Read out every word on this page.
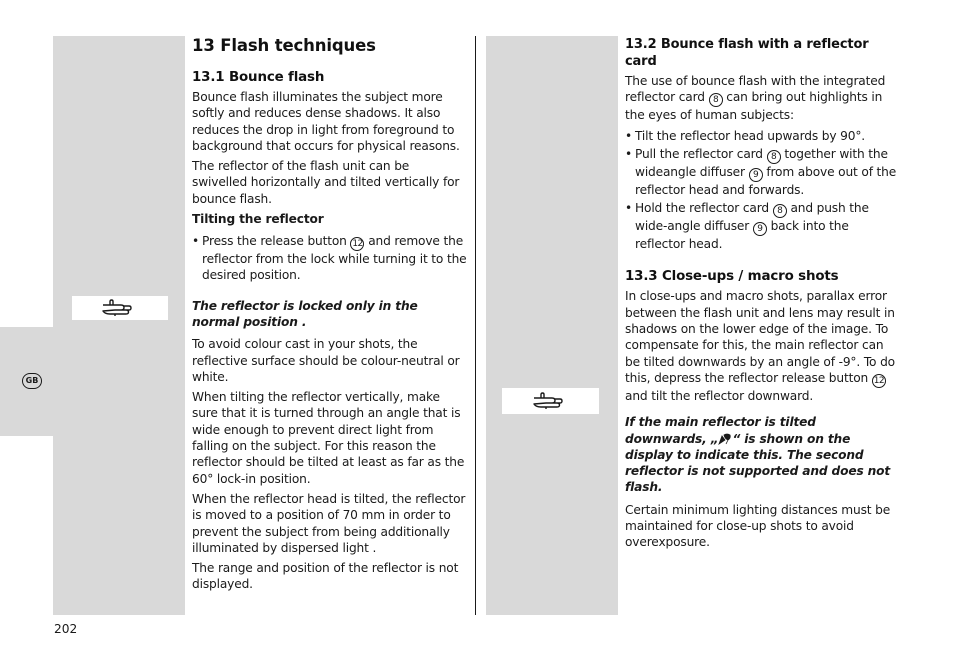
GB
13 Flash techniques
13.1 Bounce flash

Bounce flash illuminates the subject more softly and reduces dense shadows. It also reduces the drop in light from foreground to background that occurs for physical reasons.

The reflector of the flash unit can be swivelled horizontally and tilted vertically for bounce flash.

Tilting the reflector
• Press the release button 12 and remove the reflector from the lock while turning it to the desired position.

The reflector is locked only in the normal position .

To avoid colour cast in your shots, the reflective surface should be colour-neutral or white.

When tilting the reflector vertically, make sure that it is turned through an angle that is wide enough to prevent direct light from falling on the subject. For this reason the reflector should be tilted at least as far as the 60° lock-in position.

When the reflector head is tilted, the reflector is moved to a position of 70 mm in order to prevent the subject from being additionally illuminated by dispersed light .

The range and position of the reflector is not displayed.

13.2 Bounce flash with a reflector card

The use of bounce flash with the integrated reflector card 8 can bring out highlights in the eyes of human subjects:

• Tilt the reflector head upwards by 90°.
• Pull the reflector card 8 together with the wideangle diffuser 9 from above out of the reflector head and forwards.
• Hold the reflector card 8 and push the wide-angle diffuser 9 back into the reflector head.
13.3 Close-ups / macro shots

In close-ups and macro shots, parallax error between the flash unit and lens may result in shadows on the lower edge of the image. To compensate for this, the main reflector can be tilted downwards by an angle of -9°. To do this, depress the reflector release button 12 and tilt the reflector downward.

If the main reflector is tilted downwards, „ “ is shown on the display to indicate this. The second reflector is not supported and does not flash.

Certain minimum lighting distances must be maintained for close-up shots to avoid overexposure.

202
